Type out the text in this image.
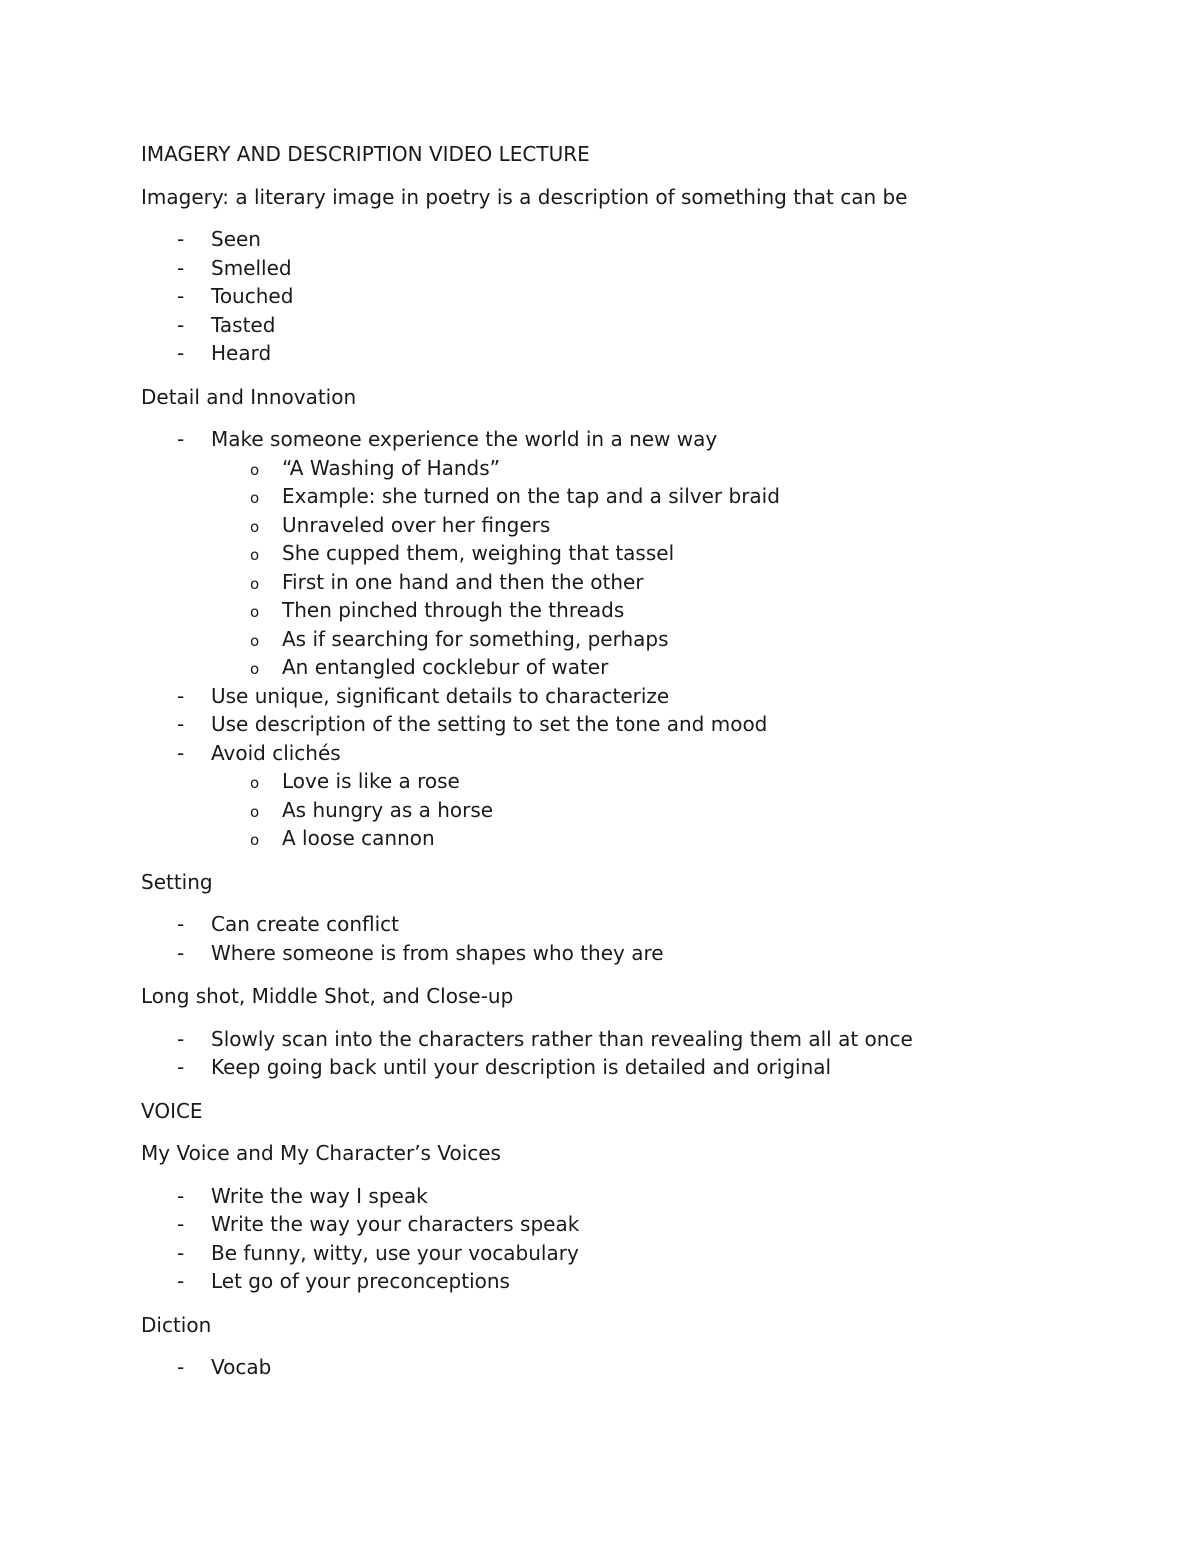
IMAGERY AND DESCRIPTION VIDEO LECTURE

Imagery: a literary image in poetry is a description of something that can be

- Seen
- Smelled
- Touched
- Tasted
- Heard

Detail and Innovation

- Make someone experience the world in a new way
o “A Washing of Hands”
o Example: she turned on the tap and a silver braid
o Unraveled over her fingers
o She cupped them, weighing that tassel
o First in one hand and then the other
o Then pinched through the threads
o As if searching for something, perhaps
o An entangled cocklebur of water
- Use unique, significant details to characterize
- Use description of the setting to set the tone and mood
- Avoid clichés
o Love is like a rose
o As hungry as a horse
o A loose cannon

Setting

- Can create conflict
- Where someone is from shapes who they are

Long shot, Middle Shot, and Close-up

- Slowly scan into the characters rather than revealing them all at once
- Keep going back until your description is detailed and original

VOICE

My Voice and My Character’s Voices

- Write the way I speak
- Write the way your characters speak
- Be funny, witty, use your vocabulary
- Let go of your preconceptions

Diction

- Vocab
